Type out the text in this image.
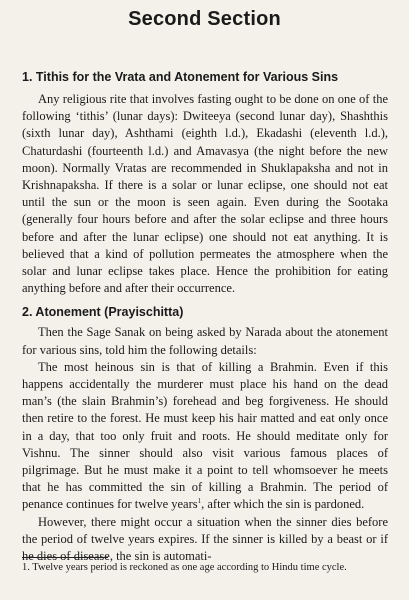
Second Section
1. Tithis for the Vrata and Atonement for Various Sins

Any religious rite that involves fasting ought to be done on one of the following ‘tithis’ (lunar days): Dwiteeya (second lunar day), Shashthis (sixth lunar day), Ashthami (eighth l.d.), Ekadashi (eleventh l.d.), Chaturdashi (fourteenth l.d.) and Amavasya (the night before the new moon). Normally Vratas are recommended in Shuklapaksha and not in Krishnapaksha. If there is a solar or lunar eclipse, one should not eat until the sun or the moon is seen again. Even during the Sootaka (generally four hours before and after the solar eclipse and three hours before and after the lunar eclipse) one should not eat anything. It is believed that a kind of pollution permeates the atmosphere when the solar and lunar eclipse takes place. Hence the prohibition for eating anything before and after their occurrence.

2. Atonement (Prayischitta)

Then the Sage Sanak on being asked by Narada about the atonement for various sins, told him the following details:

The most heinous sin is that of killing a Brahmin. Even if this happens accidentally the murderer must place his hand on the dead man’s (the slain Brahmin’s) forehead and beg forgiveness. He should then retire to the forest. He must keep his hair matted and eat only once in a day, that too only fruit and roots. He should meditate only for Vishnu. The sinner should also visit various famous places of pilgrimage. But he must make it a point to tell whomsoever he meets that he has committed the sin of killing a Brahmin. The period of penance continues for twelve years$^1$, after which the sin is pardoned.

However, there might occur a situation when the sinner dies before the period of twelve years expires. If the sinner is killed by a beast or if he dies of disease, the sin is automati-

1. Twelve years period is reckoned as one age according to Hindu time cycle.
